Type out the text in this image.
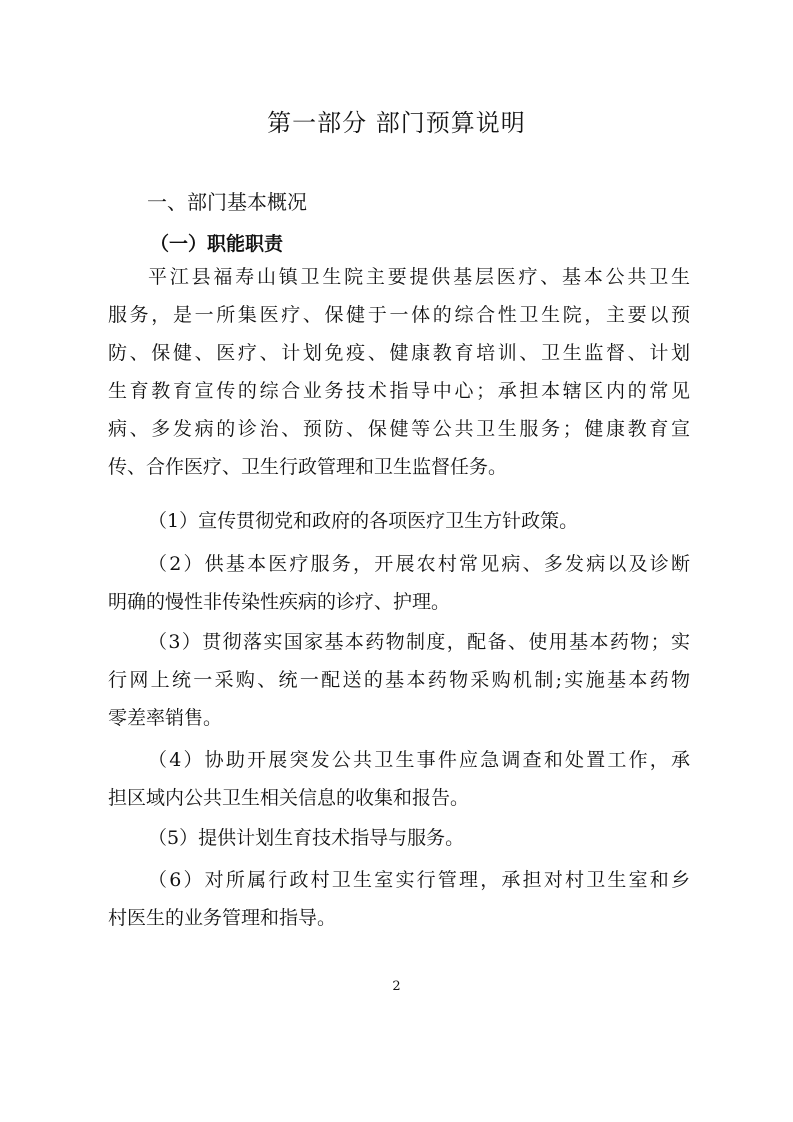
第一部分 部门预算说明
一、部门基本概况
（一）职能职责
平江县福寿山镇卫生院主要提供基层医疗、基本公共卫生
服务，是一所集医疗、保健于一体的综合性卫生院，主要以预
防、保健、医疗、计划免疫、健康教育培训、卫生监督、计划
生育教育宣传的综合业务技术指导中心；承担本辖区内的常见
病、多发病的诊治、预防、保健等公共卫生服务；健康教育宣
传、合作医疗、卫生行政管理和卫生监督任务。
（1）宣传贯彻党和政府的各项医疗卫生方针政策。
（2）供基本医疗服务，开展农村常见病、多发病以及诊断
明确的慢性非传染性疾病的诊疗、护理。
（3）贯彻落实国家基本药物制度，配备、使用基本药物；实
行网上统一采购、统一配送的基本药物采购机制;实施基本药物
零差率销售。
（4）协助开展突发公共卫生事件应急调查和处置工作，承
担区域内公共卫生相关信息的收集和报告。
（5）提供计划生育技术指导与服务。
（6）对所属行政村卫生室实行管理，承担对村卫生室和乡
村医生的业务管理和指导。
2
